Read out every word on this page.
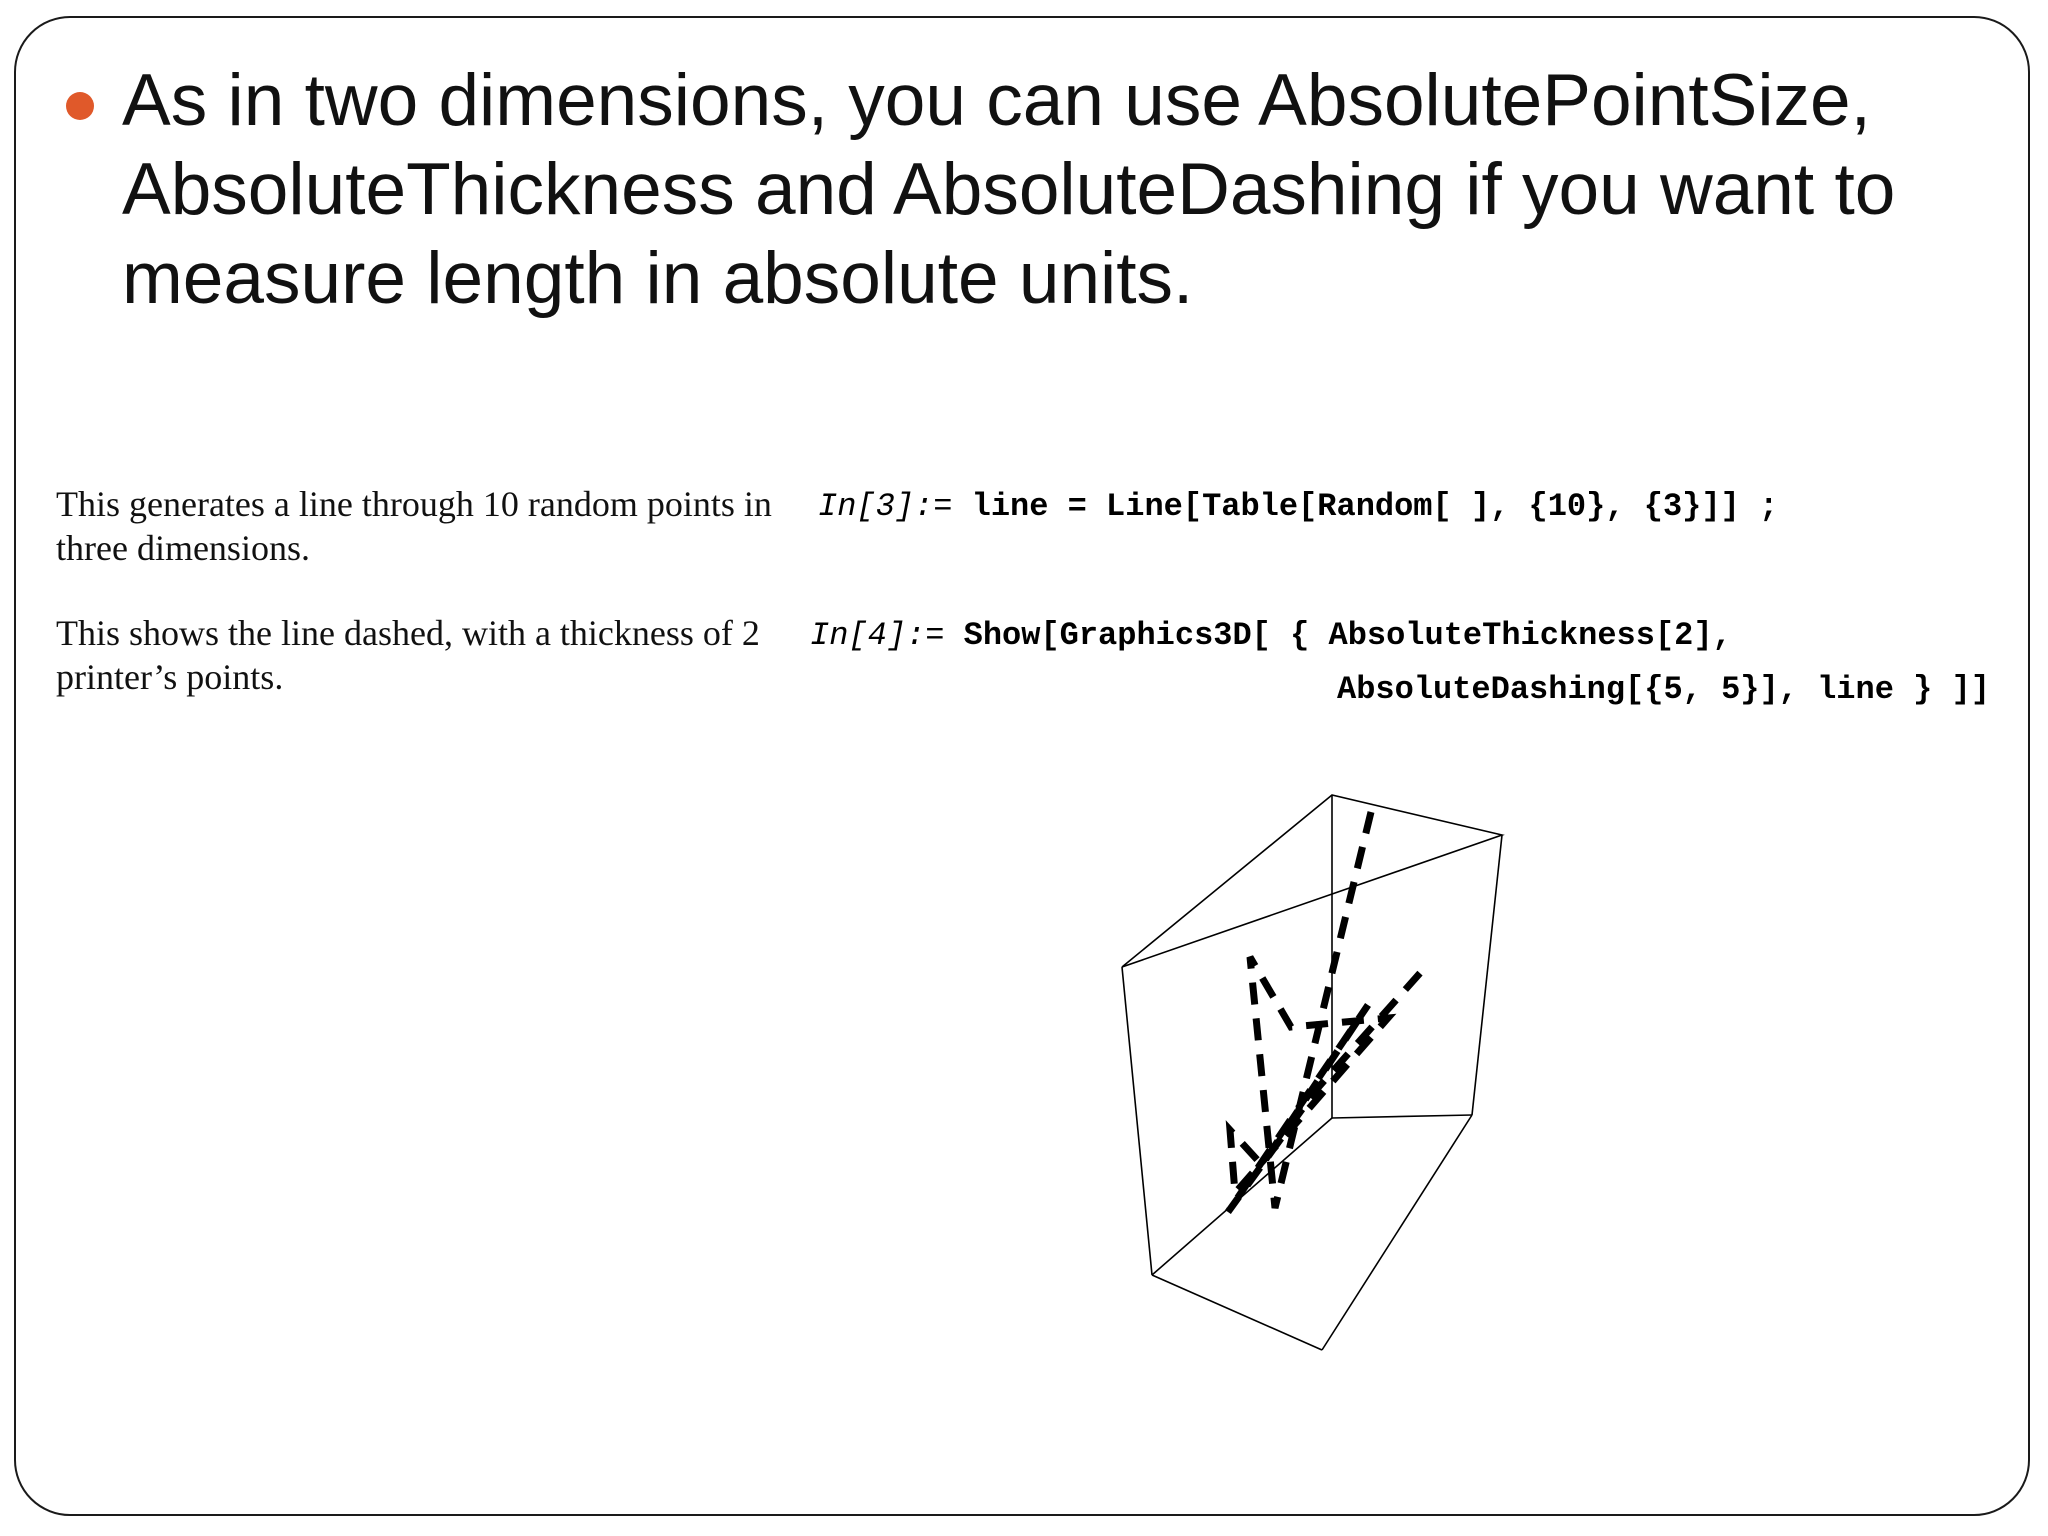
As in two dimensions, you can use AbsolutePointSize, AbsoluteThickness and AbsoluteDashing if you want to measure length in absolute units.
This generates a line through 10 random points in three dimensions.
In[3]:= line = Line[Table[Random[ ], {10}, {3}]] ;
This shows the line dashed, with a thickness of 2 printer’s points.
In[4]:= Show[Graphics3D[ { AbsoluteThickness[2],
AbsoluteDashing[{5, 5}], line } ]]
